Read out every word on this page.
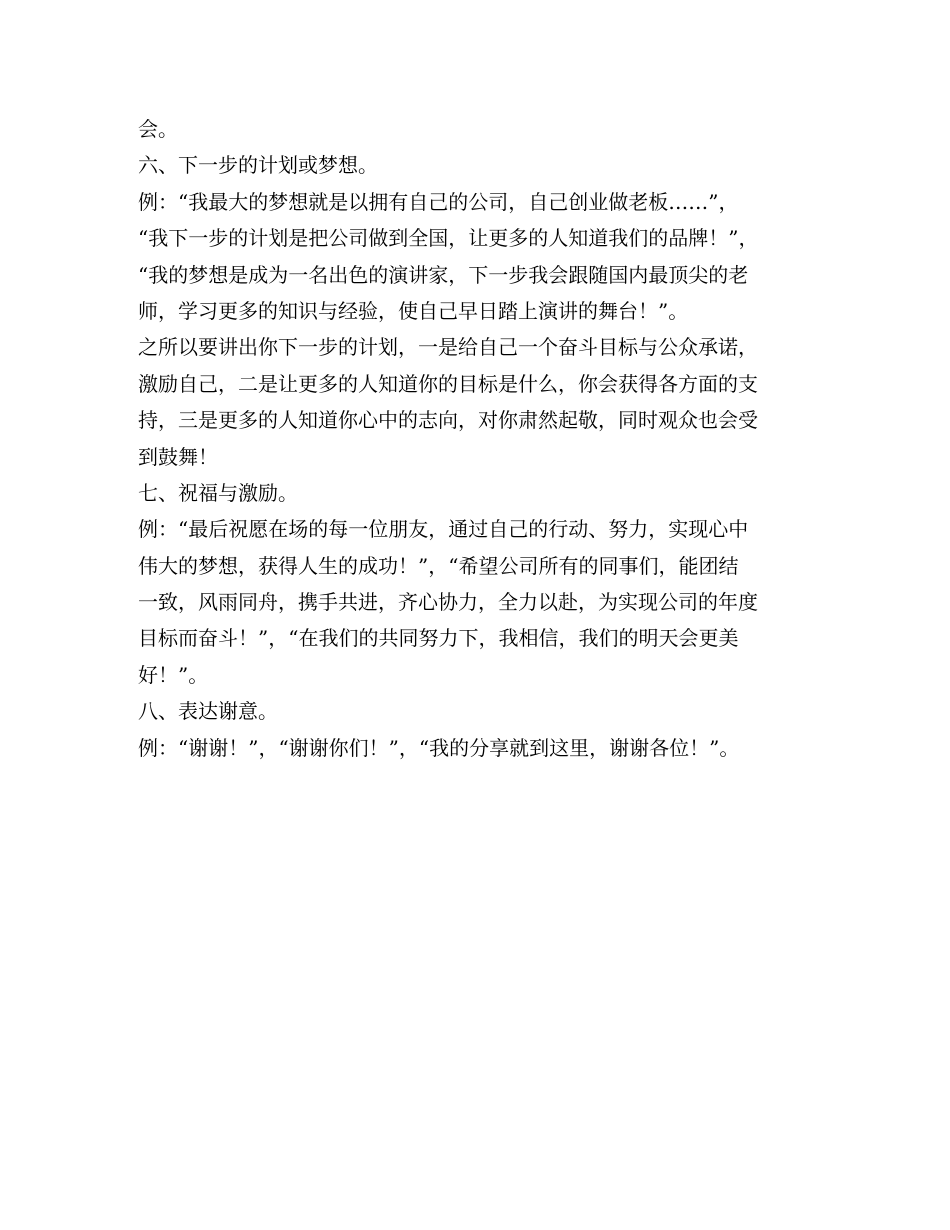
会。
六、下一步的计划或梦想。
例：“我最大的梦想就是以拥有自己的公司，自己创业做老板……”，
“我下一步的计划是把公司做到全国，让更多的人知道我们的品牌！”，
“我的梦想是成为一名出色的演讲家，下一步我会跟随国内最顶尖的老
师，学习更多的知识与经验，使自己早日踏上演讲的舞台！”。
之所以要讲出你下一步的计划，一是给自己一个奋斗目标与公众承诺，
激励自己，二是让更多的人知道你的目标是什么，你会获得各方面的支
持，三是更多的人知道你心中的志向，对你肃然起敬，同时观众也会受
到鼓舞！
七、祝福与激励。
例：“最后祝愿在场的每一位朋友，通过自己的行动、努力，实现心中
伟大的梦想，获得人生的成功！”，“希望公司所有的同事们，能团结
一致，风雨同舟，携手共进，齐心协力，全力以赴，为实现公司的年度
目标而奋斗！”，“在我们的共同努力下，我相信，我们的明天会更美
好！”。
八、表达谢意。
例：“谢谢！”，“谢谢你们！”，“我的分享就到这里，谢谢各位！”。
